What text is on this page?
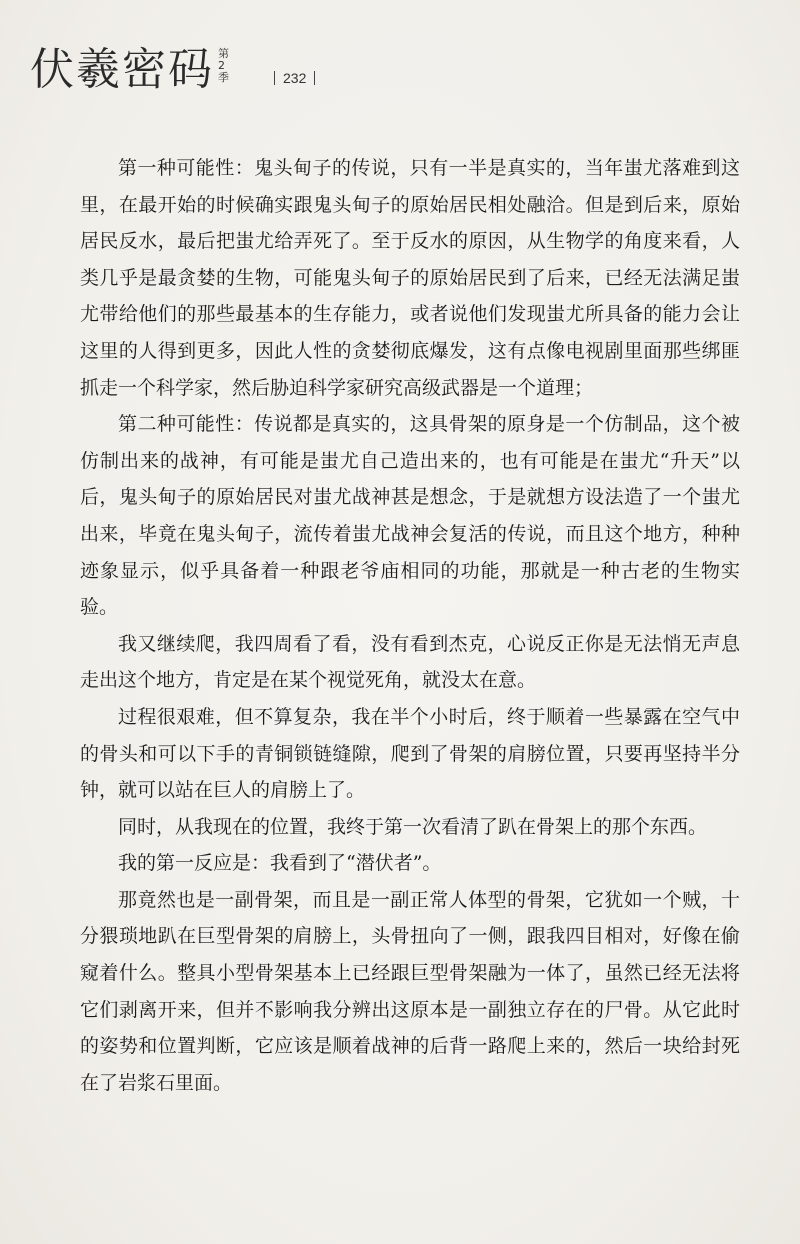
伏羲密码 第2季	232

第一种可能性：鬼头甸子的传说，只有一半是真实的，当年蚩尤落难到这里，在最开始的时候确实跟鬼头甸子的原始居民相处融洽。但是到后来，原始居民反水，最后把蚩尤给弄死了。至于反水的原因，从生物学的角度来看，人类几乎是最贪婪的生物，可能鬼头甸子的原始居民到了后来，已经无法满足蚩尤带给他们的那些最基本的生存能力，或者说他们发现蚩尤所具备的能力会让这里的人得到更多，因此人性的贪婪彻底爆发，这有点像电视剧里面那些绑匪抓走一个科学家，然后胁迫科学家研究高级武器是一个道理；

第二种可能性：传说都是真实的，这具骨架的原身是一个仿制品，这个被仿制出来的战神，有可能是蚩尤自己造出来的，也有可能是在蚩尤“升天”以后，鬼头甸子的原始居民对蚩尤战神甚是想念，于是就想方设法造了一个蚩尤出来，毕竟在鬼头甸子，流传着蚩尤战神会复活的传说，而且这个地方，种种迹象显示，似乎具备着一种跟老爷庙相同的功能，那就是一种古老的生物实验。

我又继续爬，我四周看了看，没有看到杰克，心说反正你是无法悄无声息走出这个地方，肯定是在某个视觉死角，就没太在意。

过程很艰难，但不算复杂，我在半个小时后，终于顺着一些暴露在空气中的骨头和可以下手的青铜锁链缝隙，爬到了骨架的肩膀位置，只要再坚持半分钟，就可以站在巨人的肩膀上了。

同时，从我现在的位置，我终于第一次看清了趴在骨架上的那个东西。

我的第一反应是：我看到了“潜伏者”。

那竟然也是一副骨架，而且是一副正常人体型的骨架，它犹如一个贼，十分猥琐地趴在巨型骨架的肩膀上，头骨扭向了一侧，跟我四目相对，好像在偷窥着什么。整具小型骨架基本上已经跟巨型骨架融为一体了，虽然已经无法将它们剥离开来，但并不影响我分辨出这原本是一副独立存在的尸骨。从它此时的姿势和位置判断，它应该是顺着战神的后背一路爬上来的，然后一块给封死在了岩浆石里面。
